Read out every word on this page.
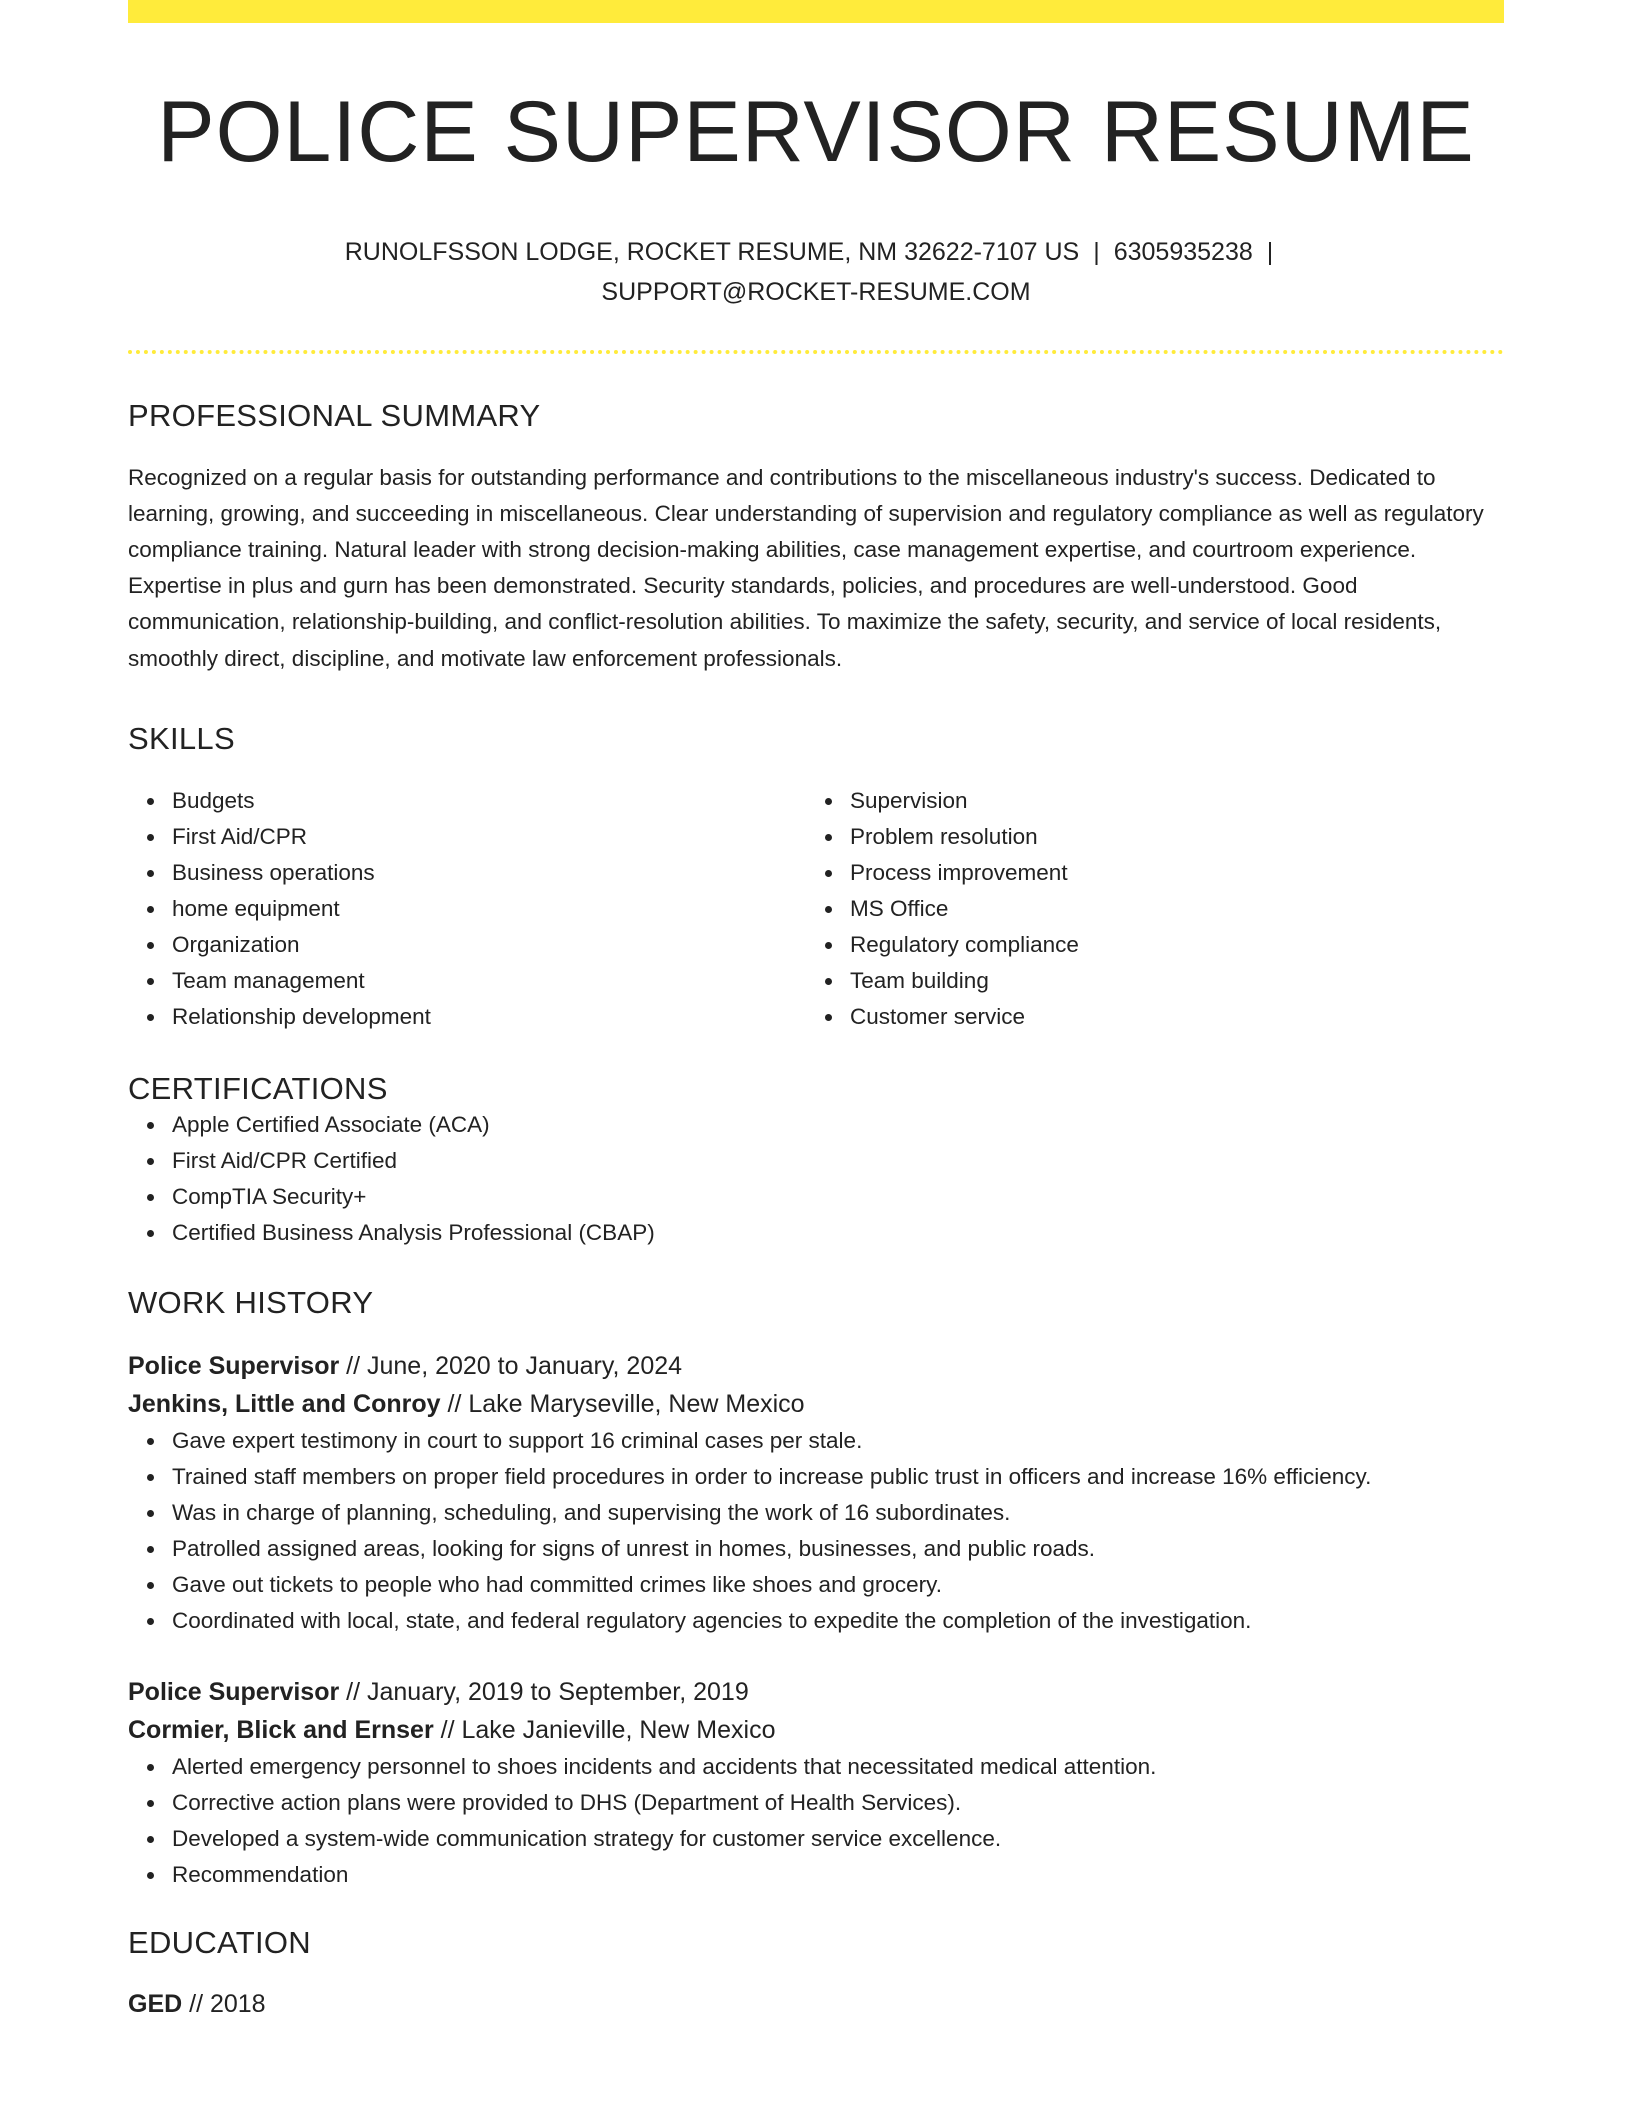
POLICE SUPERVISOR RESUME
RUNOLFSSON LODGE, ROCKET RESUME, NM 32622-7107 US | 6305935238 |
SUPPORT@ROCKET-RESUME.COM
PROFESSIONAL SUMMARY
Recognized on a regular basis for outstanding performance and contributions to the miscellaneous industry's success. Dedicated to learning, growing, and succeeding in miscellaneous. Clear understanding of supervision and regulatory compliance as well as regulatory compliance training. Natural leader with strong decision-making abilities, case management expertise, and courtroom experience. Expertise in plus and gurn has been demonstrated. Security standards, policies, and procedures are well-understood. Good communication, relationship-building, and conflict-resolution abilities. To maximize the safety, security, and service of local residents, smoothly direct, discipline, and motivate law enforcement professionals.
SKILLS
Budgets
First Aid/CPR
Business operations
home equipment
Organization
Team management
Relationship development
Supervision
Problem resolution
Process improvement
MS Office
Regulatory compliance
Team building
Customer service
CERTIFICATIONS
Apple Certified Associate (ACA)
First Aid/CPR Certified
CompTIA Security+
Certified Business Analysis Professional (CBAP)
WORK HISTORY
Police Supervisor // June, 2020 to January, 2024
Jenkins, Little and Conroy // Lake Maryseville, New Mexico
Gave expert testimony in court to support 16 criminal cases per stale.
Trained staff members on proper field procedures in order to increase public trust in officers and increase 16% efficiency.
Was in charge of planning, scheduling, and supervising the work of 16 subordinates.
Patrolled assigned areas, looking for signs of unrest in homes, businesses, and public roads.
Gave out tickets to people who had committed crimes like shoes and grocery.
Coordinated with local, state, and federal regulatory agencies to expedite the completion of the investigation.
Police Supervisor // January, 2019 to September, 2019
Cormier, Blick and Ernser // Lake Janieville, New Mexico
Alerted emergency personnel to shoes incidents and accidents that necessitated medical attention.
Corrective action plans were provided to DHS (Department of Health Services).
Developed a system-wide communication strategy for customer service excellence.
Recommendation
EDUCATION
GED // 2018
